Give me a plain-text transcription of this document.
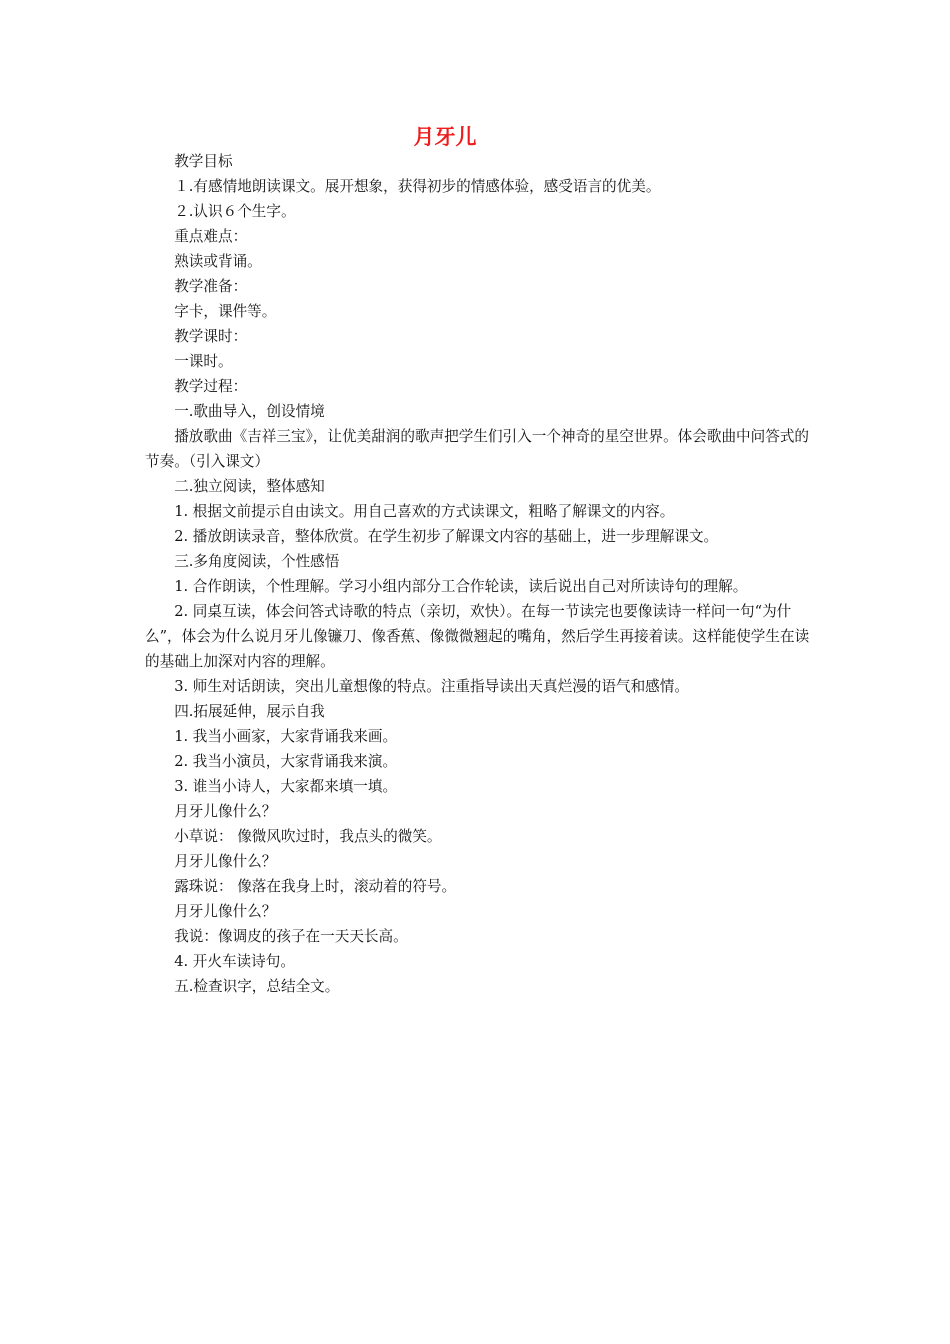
月牙儿

教学目标

１.有感情地朗读课文。展开想象，获得初步的情感体验，感受语言的优美。

２.认识６个生字。

重点难点：

熟读或背诵。

教学准备：

字卡，课件等。

教学课时：

一课时。

教学过程：

一.歌曲导入，创设情境

播放歌曲《吉祥三宝》，让优美甜润的歌声把学生们引入一个神奇的星空世界。体会歌曲中问答式的节奏。（引入课文）

二.独立阅读，整体感知

1. 根据文前提示自由读文。用自己喜欢的方式读课文，粗略了解课文的内容。

2. 播放朗读录音，整体欣赏。在学生初步了解课文内容的基础上，进一步理解课文。

三.多角度阅读，个性感悟

1. 合作朗读，个性理解。学习小组内部分工合作轮读，读后说出自己对所读诗句的理解。

2. 同桌互读，体会问答式诗歌的特点（亲切，欢快）。在每一节读完也要像读诗一样问一句“为什么”，体会为什么说月牙儿像镰刀、像香蕉、像微微翘起的嘴角，然后学生再接着读。这样能使学生在读的基础上加深对内容的理解。

3. 师生对话朗读，突出儿童想像的特点。注重指导读出天真烂漫的语气和感情。

四.拓展延伸，展示自我

1. 我当小画家，大家背诵我来画。

2. 我当小演员，大家背诵我来演。

3. 谁当小诗人，大家都来填一填。

月牙儿像什么？

小草说： 像微风吹过时，我点头的微笑。

月牙儿像什么？

露珠说： 像落在我身上时，滚动着的符号。

月牙儿像什么？

我说：像调皮的孩子在一天天长高。

4. 开火车读诗句。

五.检查识字，总结全文。
